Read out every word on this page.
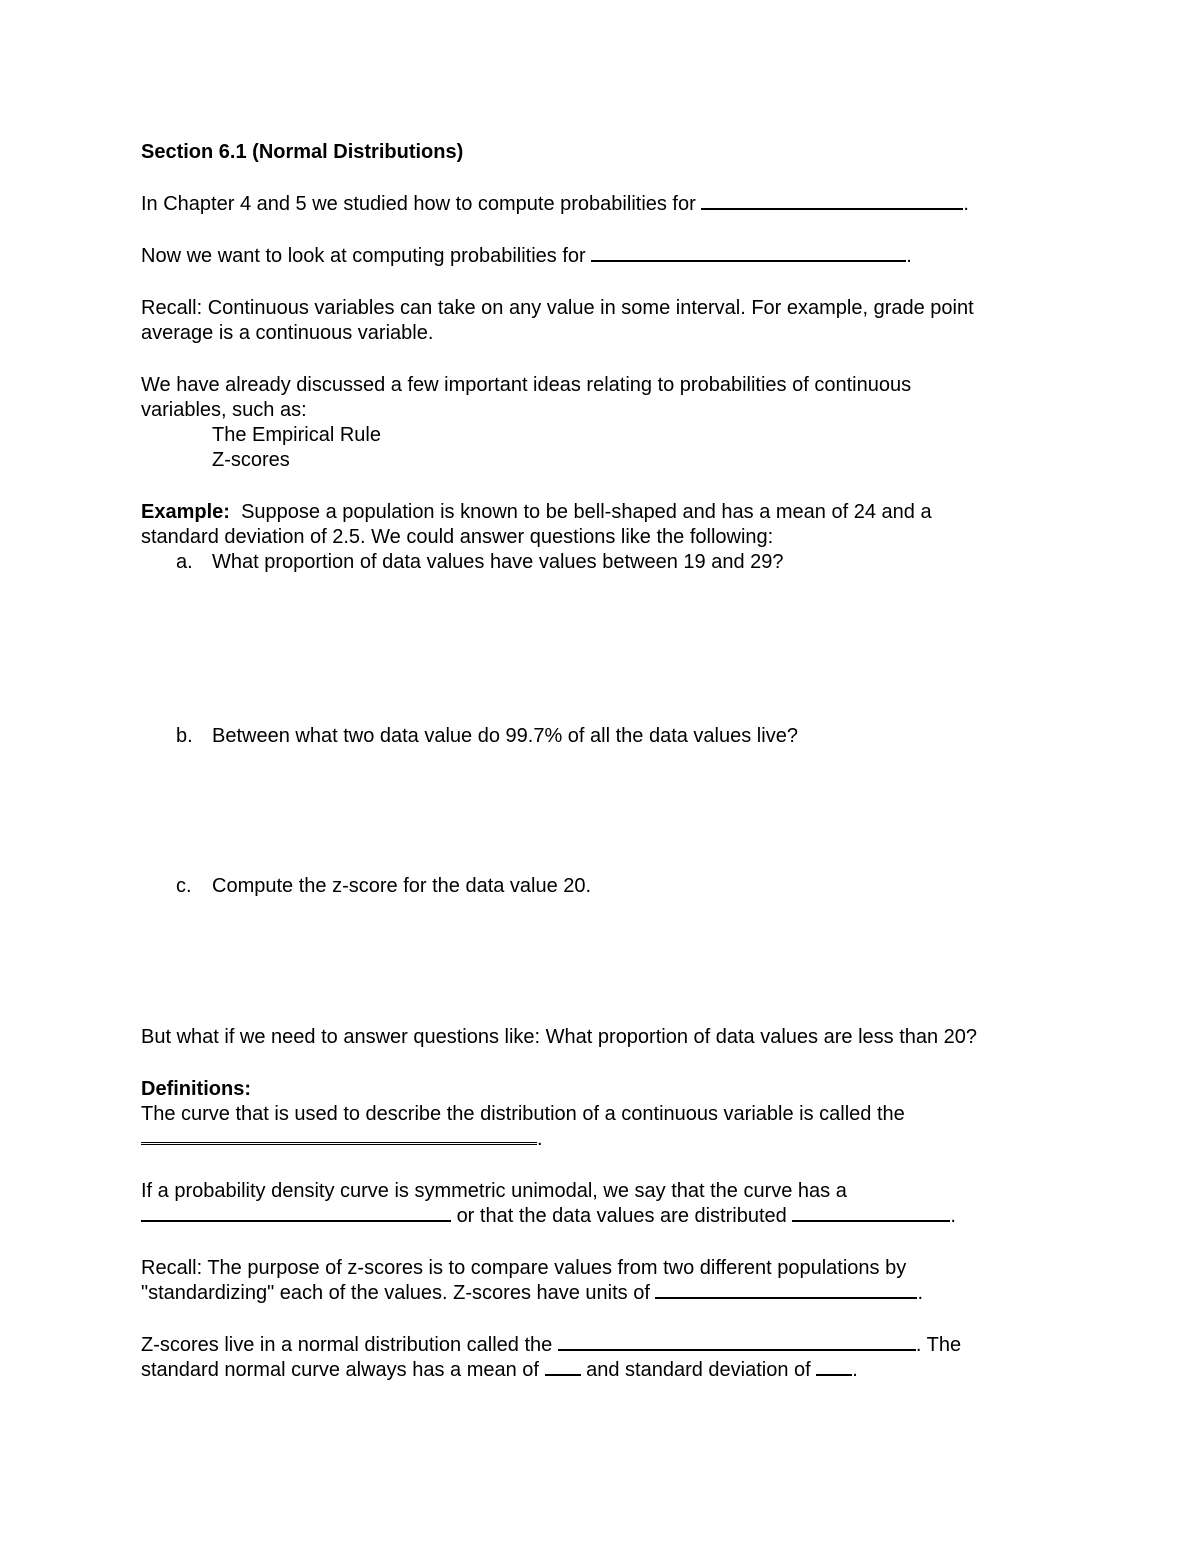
Section 6.1 (Normal Distributions)

In Chapter 4 and 5 we studied how to compute probabilities for	.

Now we want to look at computing probabilities for	.

Recall: Continuous variables can take on any value in some interval. For example, grade point

average is a continuous variable.

We have already discussed a few important ideas relating to probabilities of continuous

variables, such as:

The Empirical Rule

Z-scores

Example: Suppose a population is known to be bell-shaped and has a mean of 24 and a

standard deviation of 2.5. We could answer questions like the following:

a. What proportion of data values have values between 19 and 29?

b. Between what two data value do 99.7% of all the data values live?

c. Compute the z-score for the data value 20.

But what if we need to answer questions like: What proportion of data values are less than 20?

Definitions:

The curve that is used to describe the distribution of a continuous variable is called the

.

If a probability density curve is symmetric unimodal, we say that the curve has a

or that the data values are distributed	.

Recall: The purpose of z-scores is to compare values from two different populations by

"standardizing" each of the values. Z-scores have units of	.

Z-scores live in a normal distribution called the	. The

standard normal curve always has a mean of and standard deviation of .
